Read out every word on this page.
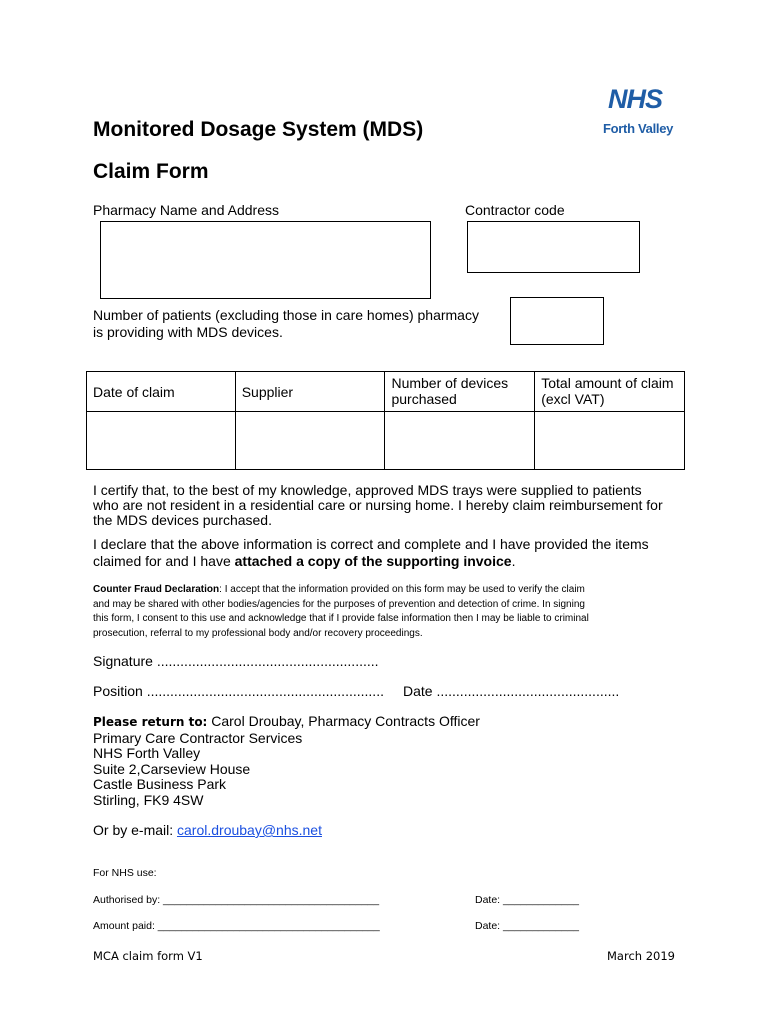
NHS
Forth Valley
Monitored Dosage System (MDS)
Claim Form
Pharmacy Name and Address	Contractor code
Number of patients (excluding those in care homes) pharmacy
is providing with MDS devices.
Date of claim	Supplier	Number of devices purchased	Total amount of claim (excl VAT)

I certify that, to the best of my knowledge, approved MDS trays were supplied to patients
who are not resident in a residential care or nursing home. I hereby claim reimbursement for
the MDS devices purchased.
I declare that the above information is correct and complete and I have provided the items
claimed for and I have attached a copy of the supporting invoice.
Counter Fraud Declaration: I accept that the information provided on this form may be used to verify the claim
and may be shared with other bodies/agencies for the purposes of prevention and detection of crime. In signing
this form, I consent to this use and acknowledge that if I provide false information then I may be liable to criminal
prosecution, referral to my professional body and/or recovery proceedings.
Signature .........................................................
Position ............................................................. Date ...............................................
Please return to: Carol Droubay, Pharmacy Contracts Officer
Primary Care Contractor Services
NHS Forth Valley
Suite 2,Carseview House
Castle Business Park
Stirling, FK9 4SW
Or by e-mail: carol.droubay@nhs.net
For NHS use:
Authorised by: _____________________________________	Date: _____________
Amount paid: ______________________________________	Date: _____________
MCA claim form V1	March 2019
